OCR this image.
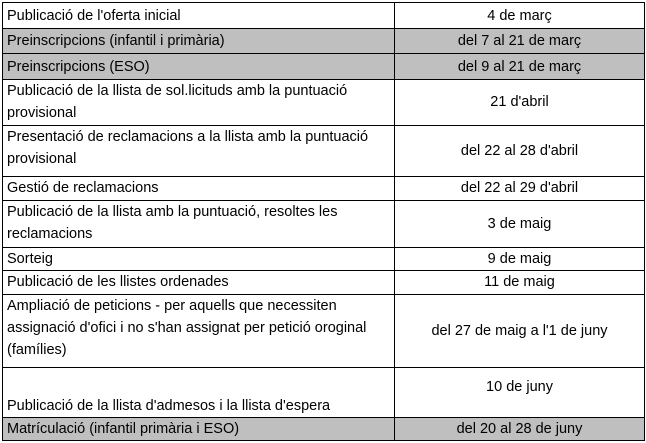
Publicació de l'oferta inicial	4 de març
Preinscripcions (infantil i primària)	del 7 al 21 de març
Preinscripcions (ESO)	del 9 al 21 de març
Publicació de la llista de sol.licituds amb la puntuació provisional	21 d'abril
Presentació de reclamacions a la llista amb la puntuació provisional	del 22 al 28 d'abril
Gestió de reclamacions	del 22 al 29 d'abril
Publicació de la llista amb la puntuació, resoltes les reclamacions	3 de maig
Sorteig	9 de maig
Publicació de les llistes ordenades	11 de maig
Ampliació de peticions - per aquells que necessiten assignació d'ofici i no s'han assignat per petició oroginal (famílies)	del 27 de maig a l'1 de juny
Publicació de la llista d'admesos i la llista d'espera	10 de juny
Matrículació (infantil primària i ESO)	del 20 al 28 de juny
